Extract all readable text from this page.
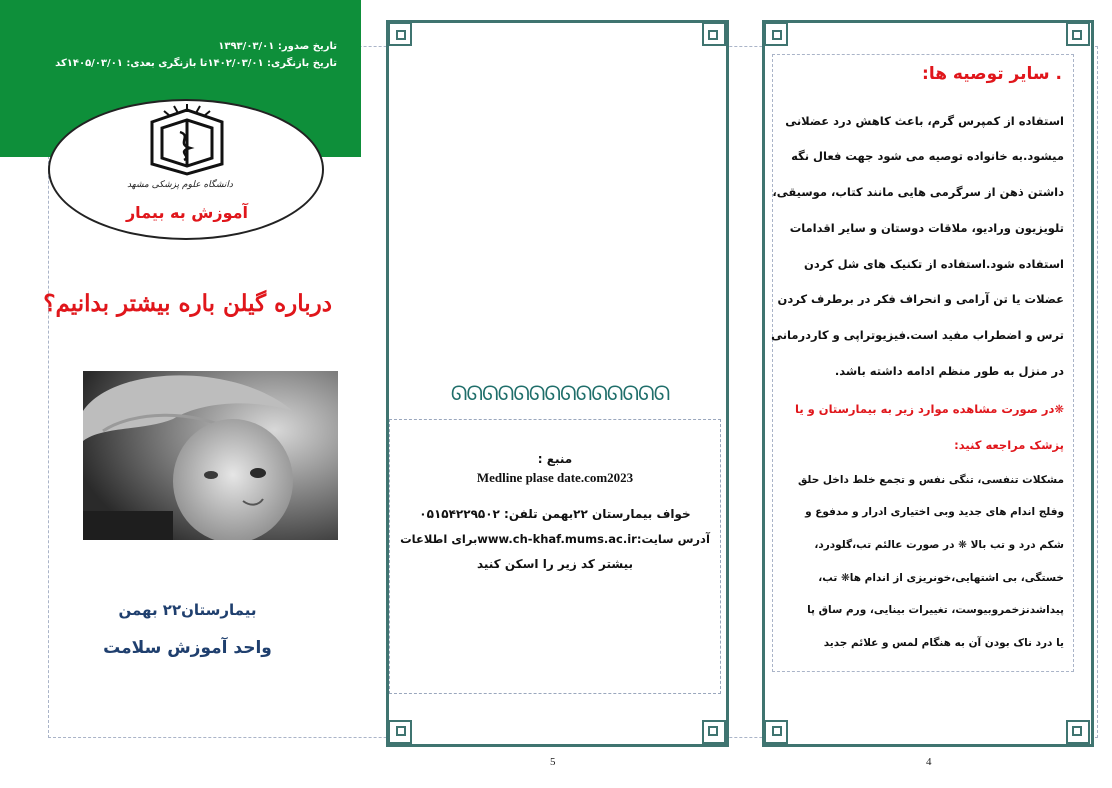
تاریخ صدور: ۱۳۹۳/۰۳/۰۱
تاریخ بازنگری: ۱۴۰۲/۰۳/۰۱تا بازنگری بعدی: ۱۴۰۵/۰۳/۰۱کد
دانشگاه علوم پزشکی مشهد
آموزش به بیمار
درباره گیلن باره بیشتر بدانیم؟
بیمارستان۲۲ بهمن
واحد آموزش سلامت
ᘏᘏᘏᘏᘏᘏᘏᘏᘏᘏᘏᘏᘏᘏ
منبع :
Medline plase date.com2023
خواف بیمارستان ۲۲بهمن تلفن: ۰۵۱۵۴۲۲۹۵۰۲
آدرس سایت:www.ch-khaf.mums.ac.irبرای اطلاعات
بیشتر کد زیر را اسکن کنید
. سایر توصیه ها:
استفاده از کمپرس گرم، باعث کاهش درد عضلانی
میشود.به خانواده توصیه می شود جهت فعال نگه
داشتن ذهن از سرگرمی هایی مانند کتاب، موسیقی،
تلویزیون ورادیو، ملاقات دوستان و سایر اقدامات
استفاده شود.استفاده از تکنیک های شل کردن
عضلات یا تن آرامی و انحراف فکر در برطرف کردن
ترس و اضطراب مفید است.فیزیوتراپی و کاردرمانی
در منزل به طور منظم ادامه داشته باشد.
❋در صورت مشاهده موارد زیر به بیمارستان و یا
پزشک مراجعه کنید:
مشکلات تنفسی، تنگی نفس و تجمع خلط داخل حلق
وفلج اندام های جدید وبی اختیاری ادرار و مدفوع و
شکم درد و تب بالا ❋ در صورت عالئم تب،گلودرد،
خستگی، بی اشتهایی،خونریزی از اندام ها❋ تب،
پیداشدنزخمروبیوست، تغییرات بینایی، ورم ساق پا
یا درد ناک بودن آن به هنگام لمس و علائم جدید
5	4
